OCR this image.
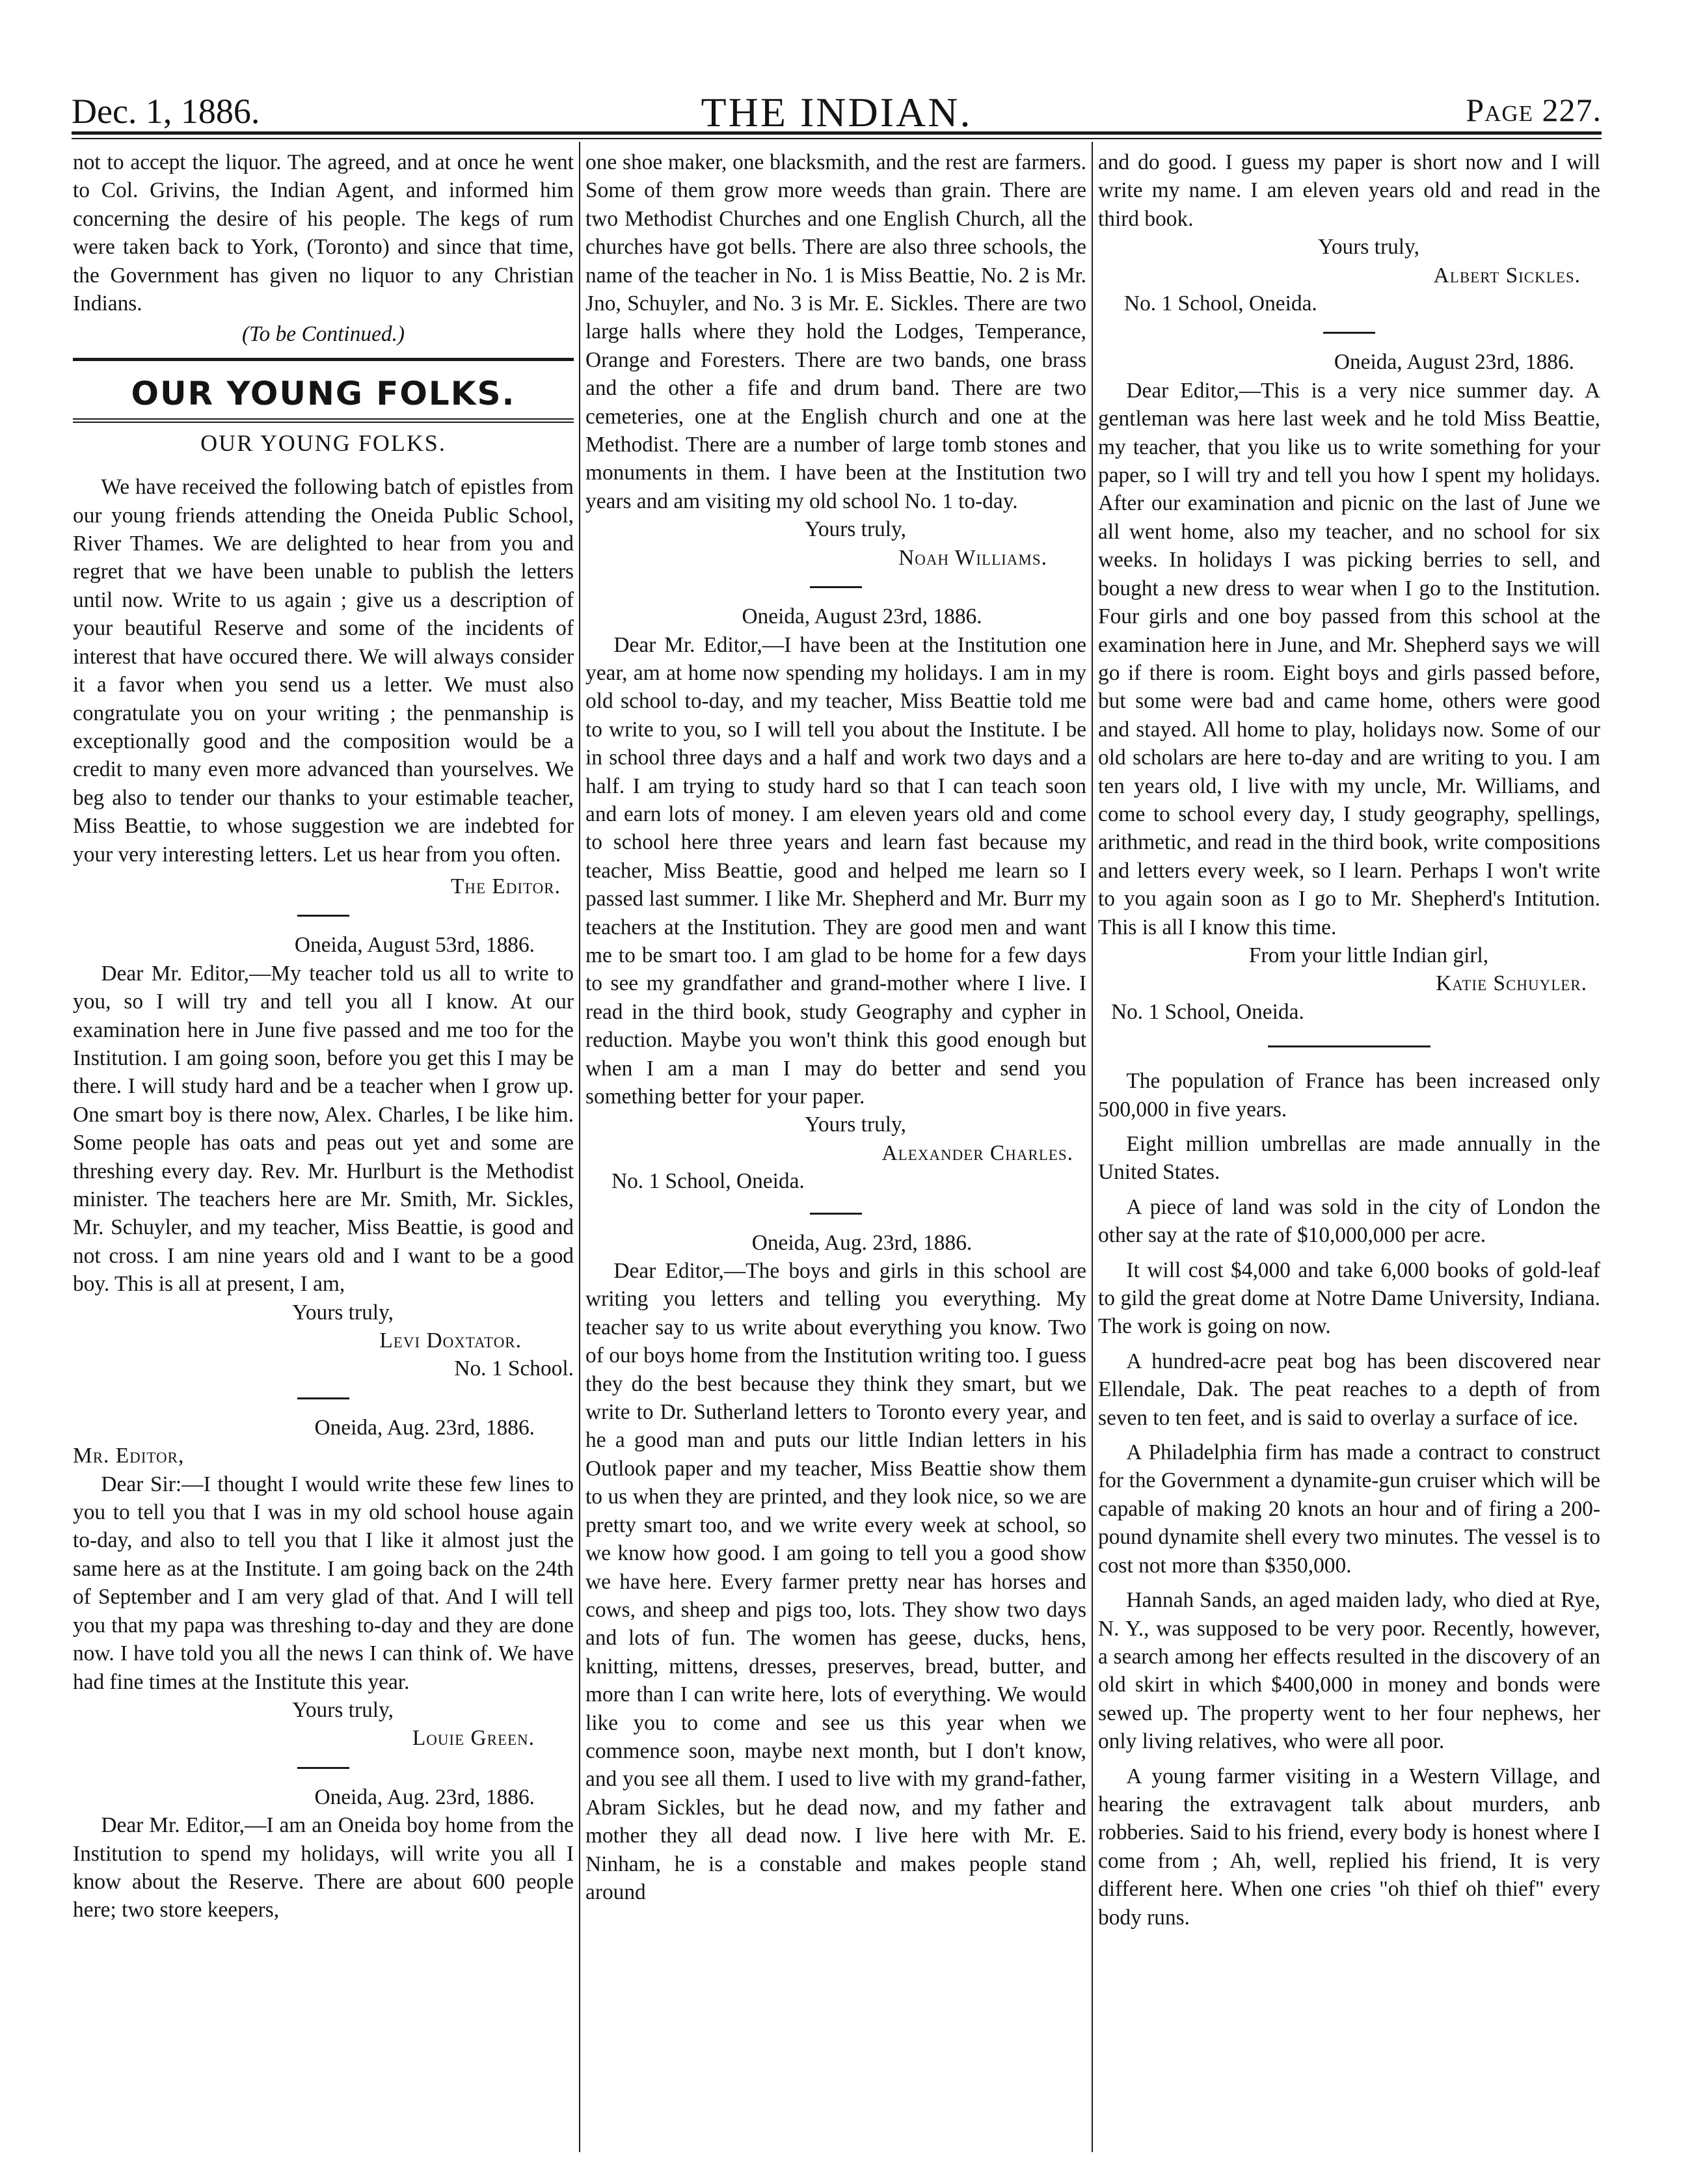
Dec. 1, 1886.	THE INDIAN.	Page 227.

not to accept the liquor. The agreed, and at once he went to Col. Grivins, the Indian Agent, and informed him concerning the desire of his people. The kegs of rum were taken back to York, (Toronto) and since that time, the Government has given no liquor to any Christian Indians.

(To be Continued.)

OUR YOUNG FOLKS.
OUR YOUNG FOLKS.

We have received the following batch of epistles from our young friends attending the Oneida Public School, River Thames. We are delighted to hear from you and regret that we have been unable to publish the letters until now. Write to us again ; give us a description of your beautiful Reserve and some of the incidents of interest that have occured there. We will always consider it a favor when you send us a letter. We must also congratulate you on your writing ; the penmanship is exceptionally good and the composition would be a credit to many even more advanced than yourselves. We beg also to tender our thanks to your estimable teacher, Miss Beattie, to whose suggestion we are indebted for your very interesting letters. Let us hear from you often.

The Editor.

Oneida, August 53rd, 1886.

Dear Mr. Editor,—My teacher told us all to write to you, so I will try and tell you all I know. At our examination here in June five passed and me too for the Institution. I am going soon, before you get this I may be there. I will study hard and be a teacher when I grow up. One smart boy is there now, Alex. Charles, I be like him. Some people has oats and peas out yet and some are threshing every day. Rev. Mr. Hurlburt is the Methodist minister. The teachers here are Mr. Smith, Mr. Sickles, Mr. Schuyler, and my teacher, Miss Beattie, is good and not cross. I am nine years old and I want to be a good boy. This is all at present, I am,

Yours truly,

Levi Doxtator.

No. 1 School.

Oneida, Aug. 23rd, 1886.

Mr. Editor,

Dear Sir:—I thought I would write these few lines to you to tell you that I was in my old school house again to-day, and also to tell you that I like it almost just the same here as at the Institute. I am going back on the 24th of September and I am very glad of that. And I will tell you that my papa was threshing to-day and they are done now. I have told you all the news I can think of. We have had fine times at the Institute this year.

Yours truly,

Louie Green.

Oneida, Aug. 23rd, 1886.

Dear Mr. Editor,—I am an Oneida boy home from the Institution to spend my holidays, will write you all I know about the Reserve. There are about 600 people here; two store keepers,

one shoe maker, one blacksmith, and the rest are farmers. Some of them grow more weeds than grain. There are two Methodist Churches and one English Church, all the churches have got bells. There are also three schools, the name of the teacher in No. 1 is Miss Beattie, No. 2 is Mr. Jno, Schuyler, and No. 3 is Mr. E. Sickles. There are two large halls where they hold the Lodges, Temperance, Orange and Foresters. There are two bands, one brass and the other a fife and drum band. There are two cemeteries, one at the English church and one at the Methodist. There are a number of large tomb stones and monuments in them. I have been at the Institution two years and am visiting my old school No. 1 to-day.

Yours truly,

Noah Williams.

Oneida, August 23rd, 1886.

Dear Mr. Editor,—I have been at the Institution one year, am at home now spending my holidays. I am in my old school to-day, and my teacher, Miss Beattie told me to write to you, so I will tell you about the Institute. I be in school three days and a half and work two days and a half. I am trying to study hard so that I can teach soon and earn lots of money. I am eleven years old and come to school here three years and learn fast because my teacher, Miss Beattie, good and helped me learn so I passed last summer. I like Mr. Shepherd and Mr. Burr my teachers at the Institution. They are good men and want me to be smart too. I am glad to be home for a few days to see my grandfather and grand-mother where I live. I read in the third book, study Geography and cypher in reduction. Maybe you won't think this good enough but when I am a man I may do better and send you something better for your paper.

Yours truly,

Alexander Charles.

No. 1 School, Oneida.

Oneida, Aug. 23rd, 1886.

Dear Editor,—The boys and girls in this school are writing you letters and telling you everything. My teacher say to us write about everything you know. Two of our boys home from the Institution writing too. I guess they do the best because they think they smart, but we write to Dr. Sutherland letters to Toronto every year, and he a good man and puts our little Indian letters in his Outlook paper and my teacher, Miss Beattie show them to us when they are printed, and they look nice, so we are pretty smart too, and we write every week at school, so we know how good. I am going to tell you a good show we have here. Every farmer pretty near has horses and cows, and sheep and pigs too, lots. They show two days and lots of fun. The women has geese, ducks, hens, knitting, mittens, dresses, preserves, bread, butter, and more than I can write here, lots of everything. We would like you to come and see us this year when we commence soon, maybe next month, but I don't know, and you see all them. I used to live with my grand-father, Abram Sickles, but he dead now, and my father and mother they all dead now. I live here with Mr. E. Ninham, he is a constable and makes people stand around

and do good. I guess my paper is short now and I will write my name. I am eleven years old and read in the third book.

Yours truly,

Albert Sickles.

No. 1 School, Oneida.

Oneida, August 23rd, 1886.

Dear Editor,—This is a very nice summer day. A gentleman was here last week and he told Miss Beattie, my teacher, that you like us to write something for your paper, so I will try and tell you how I spent my holidays. After our examination and picnic on the last of June we all went home, also my teacher, and no school for six weeks. In holidays I was picking berries to sell, and bought a new dress to wear when I go to the Institution. Four girls and one boy passed from this school at the examination here in June, and Mr. Shepherd says we will go if there is room. Eight boys and girls passed before, but some were bad and came home, others were good and stayed. All home to play, holidays now. Some of our old scholars are here to-day and are writing to you. I am ten years old, I live with my uncle, Mr. Williams, and come to school every day, I study geography, spellings, arithmetic, and read in the third book, write compositions and letters every week, so I learn. Perhaps I won't write to you again soon as I go to Mr. Shepherd's Intitution. This is all I know this time.

From your little Indian girl,

Katie Schuyler.

No. 1 School, Oneida.

The population of France has been increased only 500,000 in five years.

Eight million umbrellas are made annually in the United States.

A piece of land was sold in the city of London the other say at the rate of $10,000,000 per acre.

It will cost $4,000 and take 6,000 books of gold-leaf to gild the great dome at Notre Dame University, Indiana. The work is going on now.

A hundred-acre peat bog has been discovered near Ellendale, Dak. The peat reaches to a depth of from seven to ten feet, and is said to overlay a surface of ice.

A Philadelphia firm has made a contract to construct for the Government a dynamite-gun cruiser which will be capable of making 20 knots an hour and of firing a 200-pound dynamite shell every two minutes. The vessel is to cost not more than $350,000.

Hannah Sands, an aged maiden lady, who died at Rye, N. Y., was supposed to be very poor. Recently, however, a search among her effects resulted in the discovery of an old skirt in which $400,000 in money and bonds were sewed up. The property went to her four nephews, her only living relatives, who were all poor.

A young farmer visiting in a Western Village, and hearing the extravagent talk about murders, anb robberies. Said to his friend, every body is honest where I come from ; Ah, well, replied his friend, It is very different here. When one cries "oh thief oh thief" every body runs.
